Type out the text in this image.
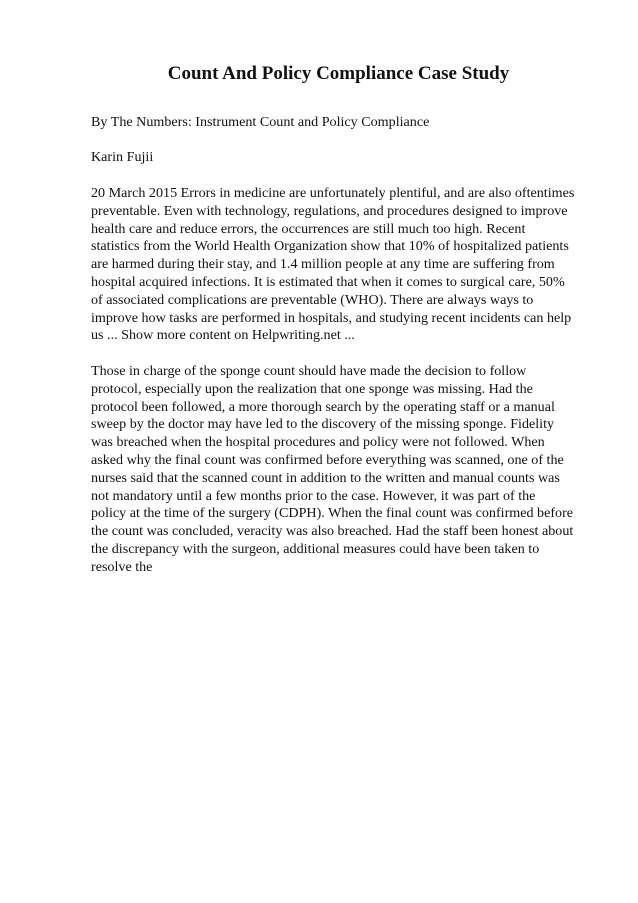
Count And Policy Compliance Case Study

By The Numbers: Instrument Count and Policy Compliance

Karin Fujii

20 March 2015 Errors in medicine are unfortunately plentiful, and are also oftentimes
preventable. Even with technology, regulations, and procedures designed to improve
health care and reduce errors, the occurrences are still much too high. Recent
statistics from the World Health Organization show that 10% of hospitalized patients
are harmed during their stay, and 1.4 million people at any time are suffering from
hospital acquired infections. It is estimated that when it comes to surgical care, 50%
of associated complications are preventable (WHO). There are always ways to
improve how tasks are performed in hospitals, and studying recent incidents can help
us ... Show more content on Helpwriting.net ...

Those in charge of the sponge count should have made the decision to follow
protocol, especially upon the realization that one sponge was missing. Had the
protocol been followed, a more thorough search by the operating staff or a manual
sweep by the doctor may have led to the discovery of the missing sponge. Fidelity
was breached when the hospital procedures and policy were not followed. When
asked why the final count was confirmed before everything was scanned, one of the
nurses said that the scanned count in addition to the written and manual counts was
not mandatory until a few months prior to the case. However, it was part of the
policy at the time of the surgery (CDPH). When the final count was confirmed before
the count was concluded, veracity was also breached. Had the staff been honest about
the discrepancy with the surgeon, additional measures could have been taken to
resolve the
